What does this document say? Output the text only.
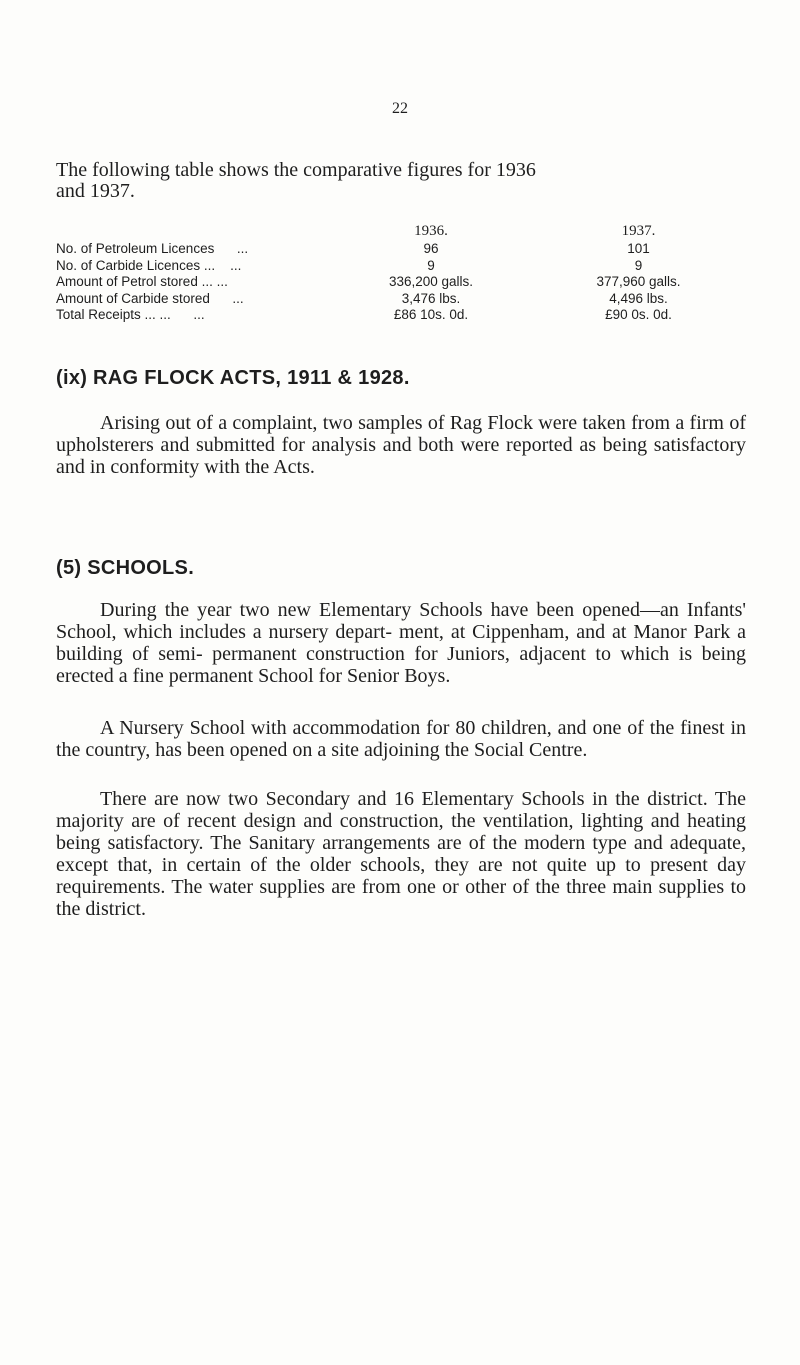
22
The following table shows the comparative figures for 1936
and 1937.
	1936.	1937.
No. of Petroleum Licences ...	96	101
No. of Carbide Licences ... ...	9	9
Amount of Petrol stored ... ...	336,200 galls.	377,960 galls.
Amount of Carbide stored ...	3,476 lbs.	4,496 lbs.
Total Receipts ... ... ...	£86 10s. 0d.	£90 0s. 0d.
(ix) RAG FLOCK ACTS, 1911 & 1928.
Arising out of a complaint, two samples of Rag Flock were taken from a firm of upholsterers and submitted for analysis and both were reported as being satisfactory and in conformity with the Acts.
(5) SCHOOLS.
During the year two new Elementary Schools have been opened—an Infants' School, which includes a nursery depart- ment, at Cippenham, and at Manor Park a building of semi- permanent construction for Juniors, adjacent to which is being erected a fine permanent School for Senior Boys.
A Nursery School with accommodation for 80 children, and one of the finest in the country, has been opened on a site adjoining the Social Centre.
There are now two Secondary and 16 Elementary Schools in the district. The majority are of recent design and construction, the ventilation, lighting and heating being satisfactory. The Sanitary arrangements are of the modern type and adequate, except that, in certain of the older schools, they are not quite up to present day requirements. The water supplies are from one or other of the three main supplies to the district.
